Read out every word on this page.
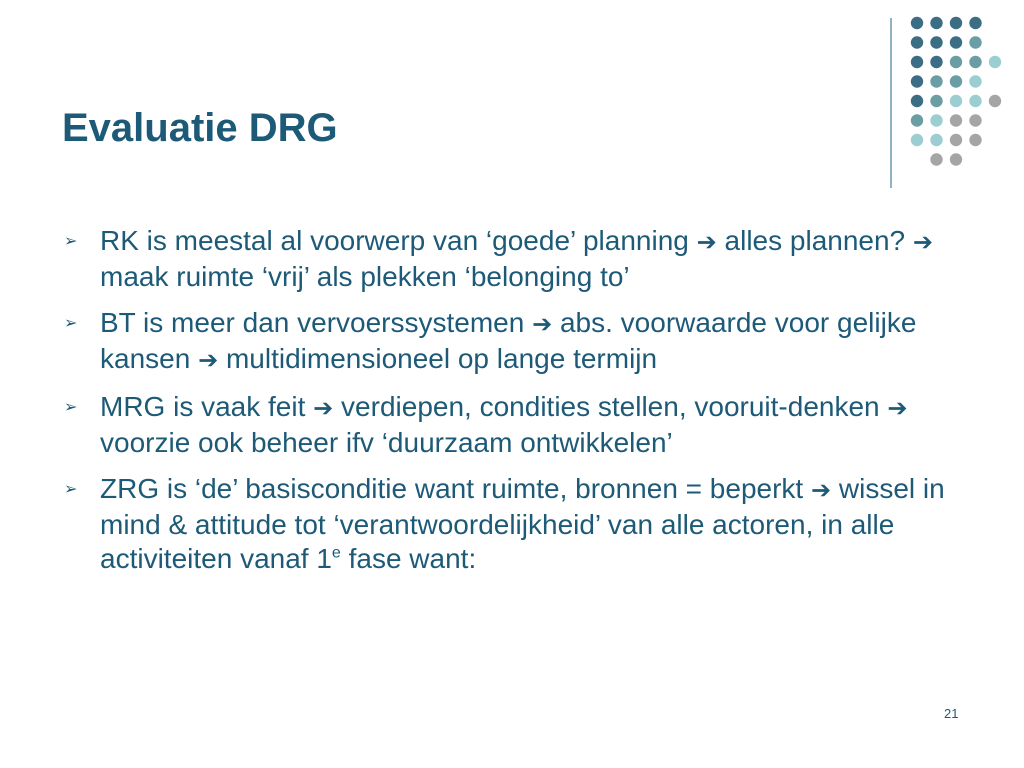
Evaluatie DRG
➢ RK is meestal al voorwerp van ‘goede’ planning ➔ alles plannen? ➔ maak ruimte ‘vrij’ als plekken ‘belonging to’
➢ BT is meer dan vervoerssystemen ➔ abs. voorwaarde voor gelijke kansen ➔ multidimensioneel op lange termijn
➢ MRG is vaak feit ➔ verdiepen, condities stellen, vooruit-denken ➔ voorzie ook beheer ifv ‘duurzaam ontwikkelen’
➢ ZRG is ‘de’ basisconditie want ruimte, bronnen = beperkt ➔ wissel in mind & attitude tot ‘verantwoordelijkheid’ van alle actoren, in alle activiteiten vanaf 1e fase want:
21
